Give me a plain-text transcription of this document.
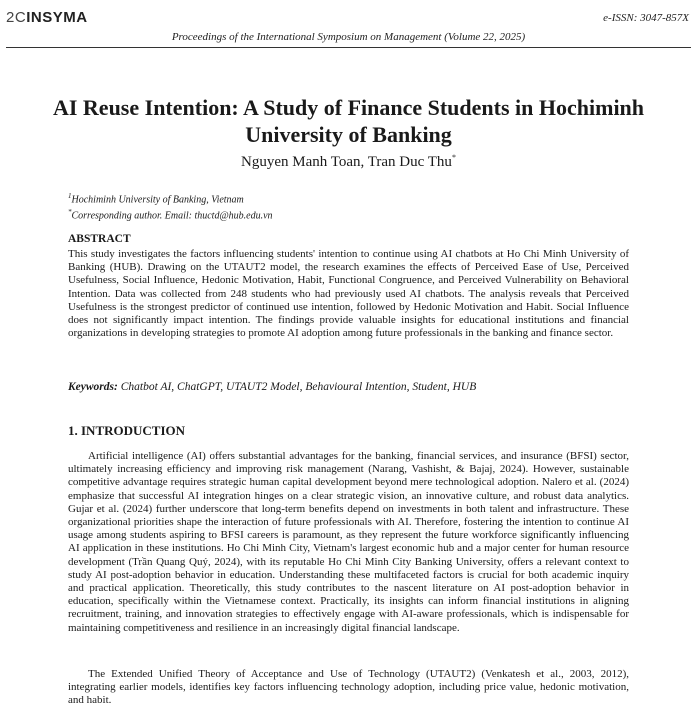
2CINSYMA	e-ISSN: 3047-857X
Proceedings of the International Symposium on Management (Volume 22, 2025)
AI Reuse Intention: A Study of Finance Students in Hochiminh University of Banking
Nguyen Manh Toan, Tran Duc Thu*
$^1$Hochiminh University of Banking, Vietnam
*Corresponding author. Email: thuctd@hub.edu.vn
ABSTRACT
This study investigates the factors influencing students' intention to continue using AI chatbots at Ho Chi Minh University of Banking (HUB). Drawing on the UTAUT2 model, the research examines the effects of Perceived Ease of Use, Perceived Usefulness, Social Influence, Hedonic Motivation, Habit, Functional Congruence, and Perceived Vulnerability on Behavioral Intention. Data was collected from 248 students who had previously used AI chatbots. The analysis reveals that Perceived Usefulness is the strongest predictor of continued use intention, followed by Hedonic Motivation and Habit. Social Influence does not significantly impact intention. The findings provide valuable insights for educational institutions and financial organizations in developing strategies to promote AI adoption among future professionals in the banking and finance sector.
Keywords: Chatbot AI, ChatGPT, UTAUT2 Model, Behavioural Intention, Student, HUB
1. INTRODUCTION
Artificial intelligence (AI) offers substantial advantages for the banking, financial services, and insurance (BFSI) sector, ultimately increasing efficiency and improving risk management (Narang, Vashisht, & Bajaj, 2024). However, sustainable competitive advantage requires strategic human capital development beyond mere technological adoption. Nalero et al. (2024) emphasize that successful AI integration hinges on a clear strategic vision, an innovative culture, and robust data analytics. Gujar et al. (2024) further underscore that long-term benefits depend on investments in both talent and infrastructure. These organizational priorities shape the interaction of future professionals with AI. Therefore, fostering the intention to continue AI usage among students aspiring to BFSI careers is paramount, as they represent the future workforce significantly influencing AI application in these institutions. Ho Chi Minh City, Vietnam's largest economic hub and a major center for human resource development (Trần Quang Quý, 2024), with its reputable Ho Chi Minh City Banking University, offers a relevant context to study AI post-adoption behavior in education. Understanding these multifaceted factors is crucial for both academic inquiry and practical application. Theoretically, this study contributes to the nascent literature on AI post-adoption behavior in education, specifically within the Vietnamese context. Practically, its insights can inform financial institutions in aligning recruitment, training, and innovation strategies to effectively engage with AI-aware professionals, which is indispensable for maintaining competitiveness and resilience in an increasingly digital financial landscape.
The Extended Unified Theory of Acceptance and Use of Technology (UTAUT2) (Venkatesh et al., 2003, 2012), integrating earlier models, identifies key factors influencing technology adoption, including price value, hedonic motivation, and habit.
